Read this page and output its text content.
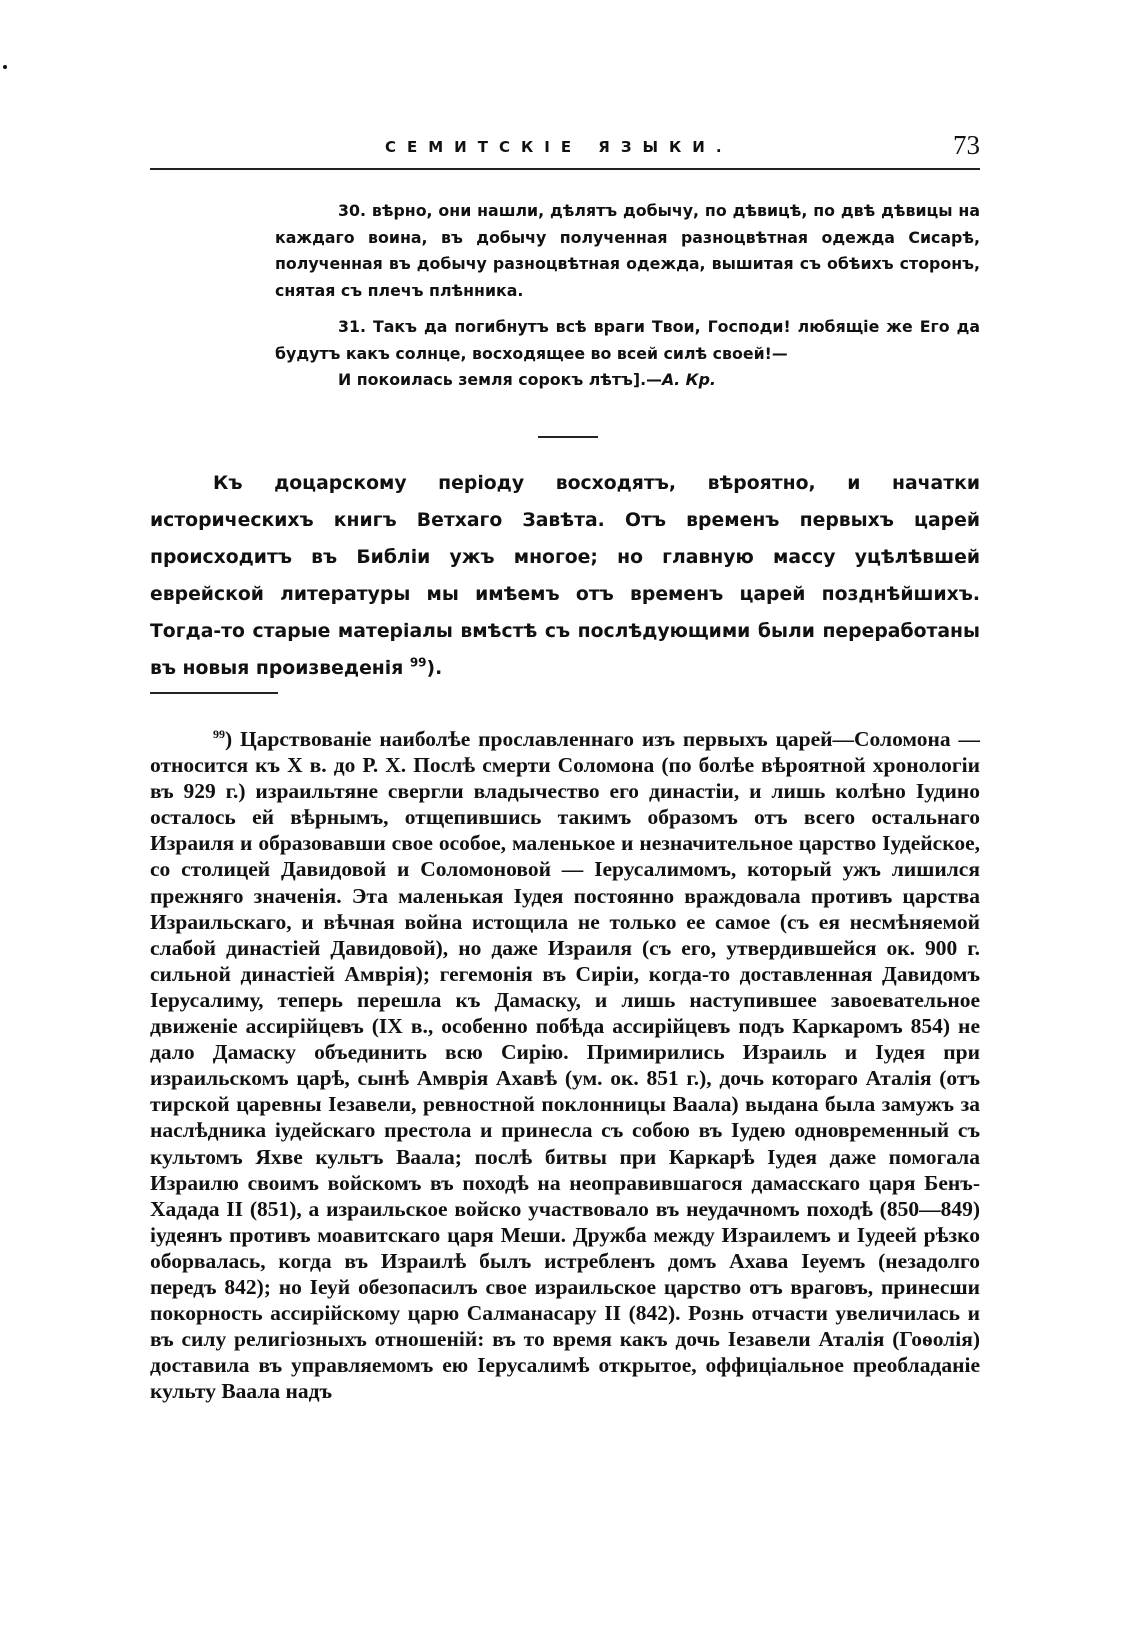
СЕМИТСКІЕ ЯЗЫКИ.	73

30. вѣрно, они нашли, дѣлятъ добычу, по дѣвицѣ, по двѣ дѣвицы на каждаго воина, въ добычу полученная разноцвѣтная одежда Сисарѣ, полученная въ добычу разноцвѣтная одежда, вышитая съ обѣихъ сторонъ, снятая съ плечъ плѣнника.

31. Такъ да погибнутъ всѣ враги Твои, Господи! любящіе же Его да будутъ какъ солнце, восходящее во всей силѣ своей!—

И покоилась земля сорокъ лѣтъ].—А. Кр.

Къ доцарскому періоду восходятъ, вѣроятно, и начатки историческихъ книгъ Ветхаго Завѣта. Отъ временъ первыхъ царей происходитъ въ Библіи ужъ многое; но главную массу уцѣлѣвшей еврейской литературы мы имѣемъ отъ временъ царей позднѣйшихъ. Тогда-то старые матеріалы вмѣстѣ съ послѣдующими были переработаны въ новыя произведенія $^{99}$).

$^{99}$) Царствованіе наиболѣе прославленнаго изъ первыхъ царей—Соломона — относится къ X в. до Р. X. Послѣ смерти Соломона (по болѣе вѣроятной хронологіи въ 929 г.) израильтяне свергли владычество его династіи, и лишь колѣно Іудино осталось ей вѣрнымъ, отщепившись такимъ образомъ отъ всего остальнаго Израиля и образовавши свое особое, маленькое и незначительное царство Іудейское, со столицей Давидовой и Соломоновой — Іерусалимомъ, который ужъ лишился прежняго значенія. Эта маленькая Іудея постоянно враждовала противъ царства Израильскаго, и вѣчная война истощила не только ее самое (съ ея несмѣняемой слабой династіей Давидовой), но даже Израиля (съ его, утвердившейся ок. 900 г. сильной династіей Амврія); гегемонія въ Сиріи, когда-то доставленная Давидомъ Іерусалиму, теперь перешла къ Дамаску, и лишь наступившее завоевательное движеніе ассирійцевъ (IX в., особенно побѣда ассирійцевъ подъ Каркаромъ 854) не дало Дамаску объединить всю Сирію. Примирились Израиль и Іудея при израильскомъ царѣ, сынѣ Амврія Ахавѣ (ум. ок. 851 г.), дочь котораго Аталія (отъ тирской царевны Іезавели, ревностной поклонницы Ваала) выдана была замужъ за наслѣдника іудейскаго престола и принесла съ собою въ Іудею одновременный съ культомъ Яхве культъ Ваала; послѣ битвы при Каркарѣ Іудея даже помогала Израилю своимъ войскомъ въ походѣ на неоправившагося дамасскаго царя Бенъ-Хадада II (851), а израильское войско участвовало въ неудачномъ походѣ (850—849) іудеянъ противъ моавитскаго царя Меши. Дружба между Израилемъ и Іудеей рѣзко оборвалась, когда въ Израилѣ былъ истребленъ домъ Ахава Іеуемъ (незадолго передъ 842); но Іеуй обезопасилъ свое израильское царство отъ враговъ, принесши покорность ассирійскому царю Салманасару II (842). Рознь отчасти увеличилась и въ силу религіозныхъ отношеній: въ то время какъ дочь Іезавели Аталія (Гоѳолія) доставила въ управляемомъ ею Іерусалимѣ открытое, оффиціальное преобладаніе культу Ваала надъ
